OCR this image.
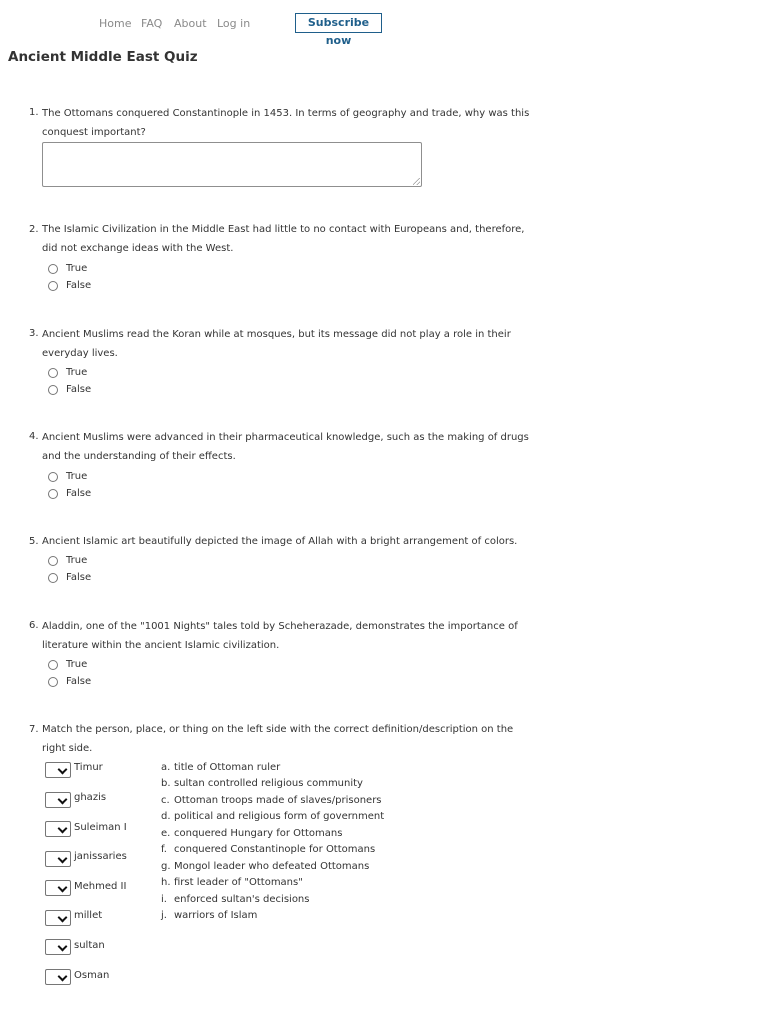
Home FAQ About Log in	Subscribe now
Ancient Middle East Quiz
1. The Ottomans conquered Constantinople in 1453. In terms of geography and trade, why was this conquest important?
2. The Islamic Civilization in the Middle East had little to no contact with Europeans and, therefore, did not exchange ideas with the West.
True
False
3. Ancient Muslims read the Koran while at mosques, but its message did not play a role in their everyday lives.
True
False
4. Ancient Muslims were advanced in their pharmaceutical knowledge, such as the making of drugs and the understanding of their effects.
True
False
5. Ancient Islamic art beautifully depicted the image of Allah with a bright arrangement of colors.
True
False
6. Aladdin, one of the "1001 Nights" tales told by Scheherazade, demonstrates the importance of literature within the ancient Islamic civilization.
True
False
7. Match the person, place, or thing on the left side with the correct definition/description on the right side.
Timur
ghazis
Suleiman I
janissaries
Mehmed II
millet
sultan
Osman
a. title of Ottoman ruler
b. sultan controlled religious community
c. Ottoman troops made of slaves/prisoners
d. political and religious form of government
e. conquered Hungary for Ottomans
f. conquered Constantinople for Ottomans
g. Mongol leader who defeated Ottomans
h. first leader of "Ottomans"
i. enforced sultan's decisions
j. warriors of Islam
